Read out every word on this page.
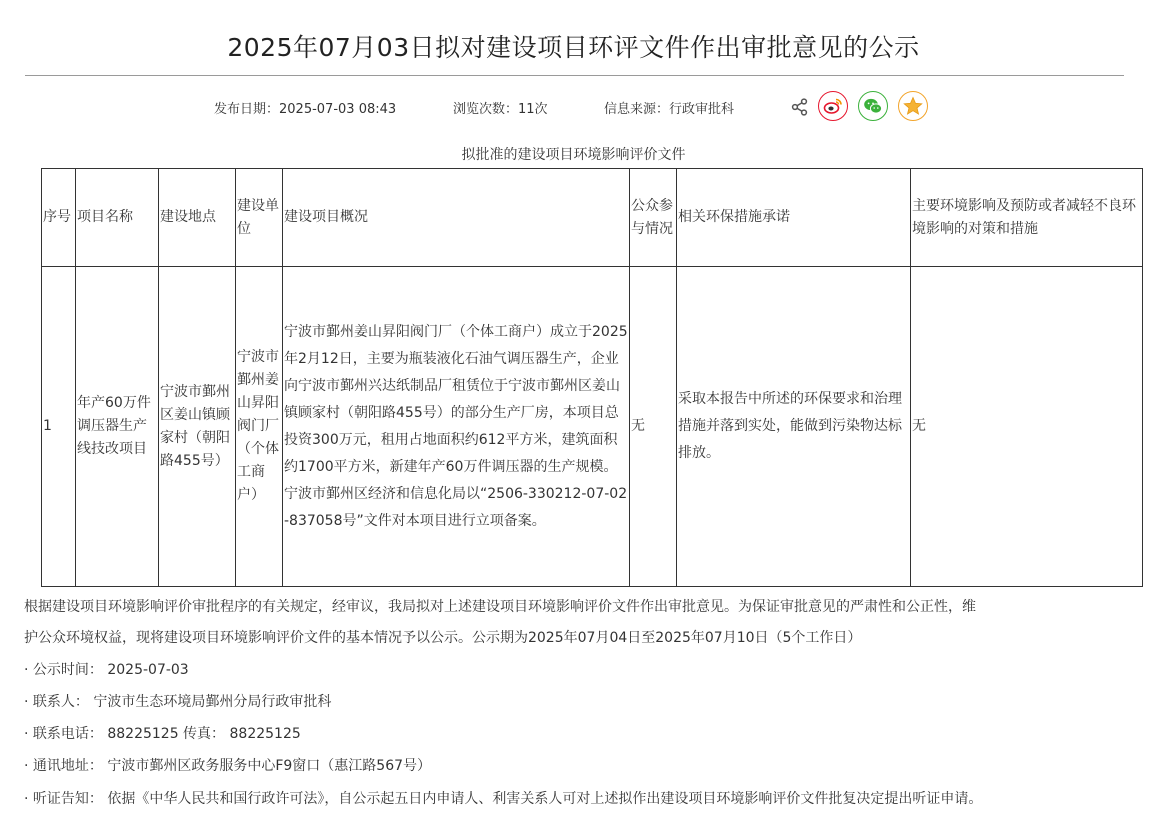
2025年07月03日拟对建设项目环评文件作出审批意见的公示
发布日期：2025-07-03 08:43	浏览次数：11次	信息来源：行政审批科
拟批准的建设项目环境影响评价文件
序号	项目名称	建设地点	建设单位	建设项目概况	公众参与情况	相关环保措施承诺	主要环境影响及预防或者减轻不良环境影响的对策和措施
1	年产60万件调压器生产线技改项目	宁波市鄞州区姜山镇顾家村（朝阳路455号）	宁波市鄞州姜山昇阳阀门厂（个体工商户）	宁波市鄞州姜山昇阳阀门厂（个体工商户）成立于2025年2月12日，主要为瓶装液化石油气调压器生产，企业向宁波市鄞州兴达纸制品厂租赁位于宁波市鄞州区姜山镇顾家村（朝阳路455号）的部分生产厂房，本项目总投资300万元，租用占地面积约612平方米，建筑面积约1700平方米，新建年产60万件调压器的生产规模。宁波市鄞州区经济和信息化局以“2506-330212-07-02-837058号”文件对本项目进行立项备案。	无	采取本报告中所述的环保要求和治理措施并落到实处，能做到污染物达标排放。	无
根据建设项目环境影响评价审批程序的有关规定，经审议，我局拟对上述建设项目环境影响评价文件作出审批意见。为保证审批意见的严肃性和公正性，维
护公众环境权益，现将建设项目环境影响评价文件的基本情况予以公示。公示期为2025年07月04日至2025年07月10日（5个工作日）
· 公示时间： 2025-07-03
· 联系人： 宁波市生态环境局鄞州分局行政审批科
· 联系电话： 88225125 传真： 88225125
· 通讯地址： 宁波市鄞州区政务服务中心F9窗口（惠江路567号）
· 听证告知： 依据《中华人民共和国行政许可法》，自公示起五日内申请人、利害关系人可对上述拟作出建设项目环境影响评价文件批复决定提出听证申请。
